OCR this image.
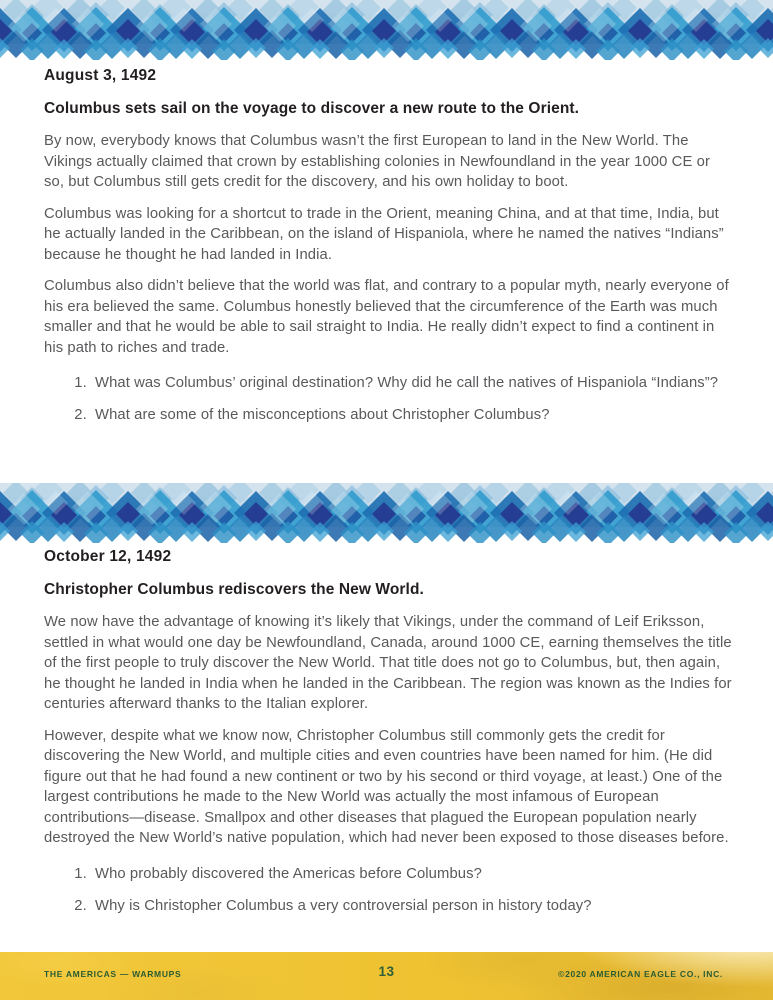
August 3, 1492
Columbus sets sail on the voyage to discover a new route to the Orient.

By now, everybody knows that Columbus wasn’t the first European to land in the New World. The Vikings actually claimed that crown by establishing colonies in Newfoundland in the year 1000 CE or so, but Columbus still gets credit for the discovery, and his own holiday to boot.

Columbus was looking for a shortcut to trade in the Orient, meaning China, and at that time, India, but he actually landed in the Caribbean, on the island of Hispaniola, where he named the natives “Indians” because he thought he had landed in India.

Columbus also didn’t believe that the world was flat, and contrary to a popular myth, nearly everyone of his era believed the same. Columbus honestly believed that the circumference of the Earth was much smaller and that he would be able to sail straight to India. He really didn’t expect to find a continent in his path to riches and trade.

1. What was Columbus’ original destination? Why did he call the natives of Hispaniola “Indians”?
2. What are some of the misconceptions about Christopher Columbus?
October 12, 1492
Christopher Columbus rediscovers the New World.

We now have the advantage of knowing it’s likely that Vikings, under the command of Leif Eriksson, settled in what would one day be Newfoundland, Canada, around 1000 CE, earning themselves the title of the first people to truly discover the New World. That title does not go to Columbus, but, then again, he thought he landed in India when he landed in the Caribbean. The region was known as the Indies for centuries afterward thanks to the Italian explorer.

However, despite what we know now, Christopher Columbus still commonly gets the credit for discovering the New World, and multiple cities and even countries have been named for him. (He did figure out that he had found a new continent or two by his second or third voyage, at least.) One of the largest contributions he made to the New World was actually the most infamous of European contributions—disease. Smallpox and other diseases that plagued the European population nearly destroyed the New World’s native population, which had never been exposed to those diseases before.

1. Who probably discovered the Americas before Columbus?
2. Why is Christopher Columbus a very controversial person in history today?
THE AMERICAS — WARMUPS	13	©2020 AMERICAN EAGLE CO., INC.
